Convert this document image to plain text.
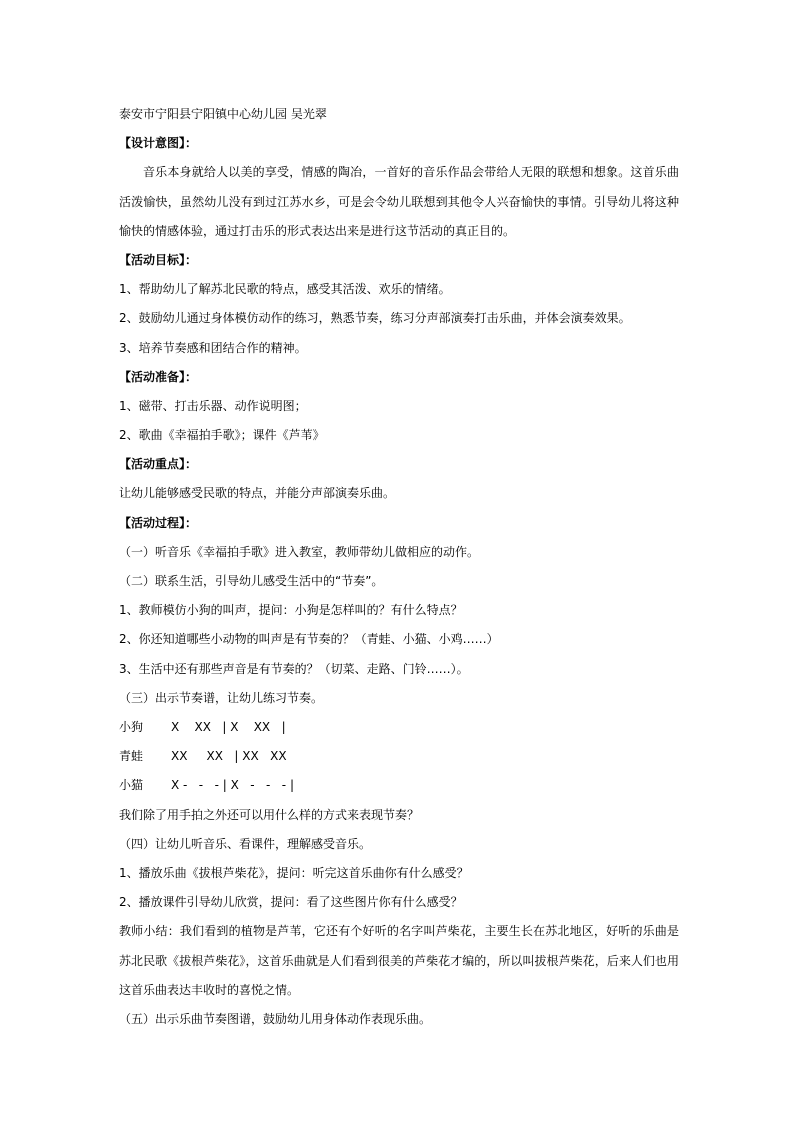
泰安市宁阳县宁阳镇中心幼儿园 吴光翠
【设计意图】：
音乐本身就给人以美的享受，情感的陶冶，一首好的音乐作品会带给人无限的联想和想象。这首乐曲活泼愉快，虽然幼儿没有到过江苏水乡，可是会令幼儿联想到其他令人兴奋愉快的事情。引导幼儿将这种愉快的情感体验，通过打击乐的形式表达出来是进行这节活动的真正目的。
【活动目标】：
1、帮助幼儿了解苏北民歌的特点，感受其活泼、欢乐的情绪。
2、鼓励幼儿通过身体模仿动作的练习，熟悉节奏，练习分声部演奏打击乐曲，并体会演奏效果。
3、培养节奏感和团结合作的精神。
【活动准备】：
1、磁带、打击乐器、动作说明图；
2、歌曲《幸福拍手歌》；课件《芦苇》
【活动重点】：
让幼儿能够感受民歌的特点，并能分声部演奏乐曲。
【活动过程】：
（一）听音乐《幸福拍手歌》进入教室，教师带幼儿做相应的动作。
（二）联系生活，引导幼儿感受生活中的“节奏”。
1、教师模仿小狗的叫声，提问：小狗是怎样叫的？有什么特点？
2、你还知道哪些小动物的叫声是有节奏的？（青蛙、小猫、小鸡……）
3、生活中还有那些声音是有节奏的？（切菜、走路、门铃……）。
（三）出示节奏谱，让幼儿练习节奏。
小狗	X    XX   | X    XX   |
青蛙	XX     XX   | XX   XX
小猫	X -   -   - | X   -   -   - |
我们除了用手拍之外还可以用什么样的方式来表现节奏？
（四）让幼儿听音乐、看课件，理解感受音乐。
1、播放乐曲《拔根芦柴花》，提问：听完这首乐曲你有什么感受？
2、播放课件引导幼儿欣赏，提问：看了这些图片你有什么感受？
教师小结：我们看到的植物是芦苇，它还有个好听的名字叫芦柴花，主要生长在苏北地区，好听的乐曲是苏北民歌《拔根芦柴花》，这首乐曲就是人们看到很美的芦柴花才编的，所以叫拔根芦柴花，后来人们也用这首乐曲表达丰收时的喜悦之情。
（五）出示乐曲节奏图谱，鼓励幼儿用身体动作表现乐曲。
